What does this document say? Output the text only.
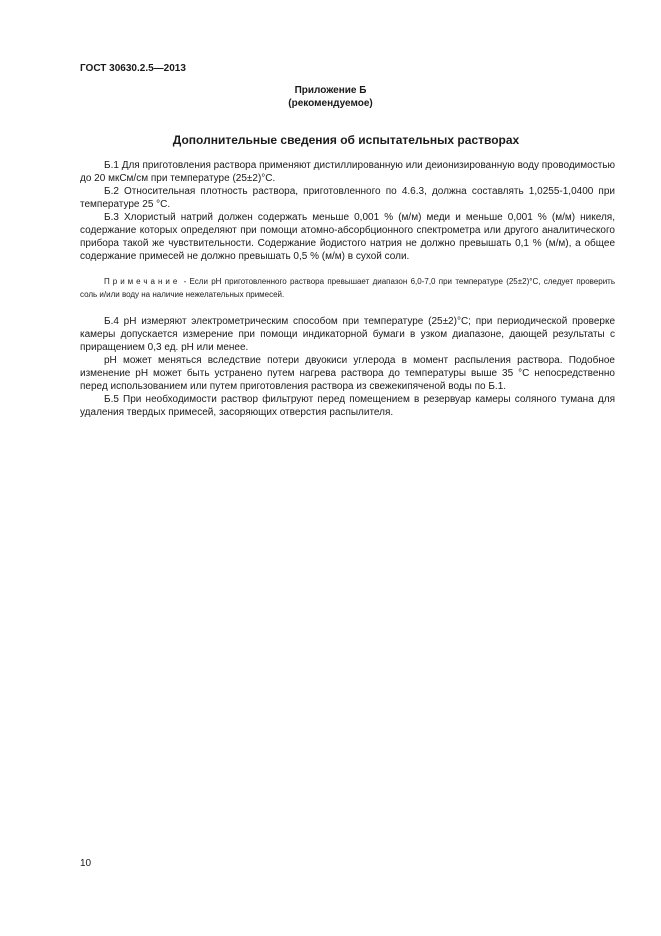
ГОСТ 30630.2.5—2013
Приложение Б
(рекомендуемое)
Дополнительные сведения об испытательных растворах

Б.1 Для приготовления раствора применяют дистиллированную или деионизированную воду проводимостью до 20 мкСм/см при температуре (25±2)°С.

Б.2 Относительная плотность раствора, приготовленного по 4.6.3, должна составлять 1,0255-1,0400 при температуре 25 °С.

Б.3 Хлористый натрий должен содержать меньше 0,001 % (м/м) меди и меньше 0,001 % (м/м) никеля, содержание которых определяют при помощи атомно-абсорбционного спектрометра или другого аналитического прибора такой же чувствительности. Содержание йодистого натрия не должно превышать 0,1 % (м/м), а общее содержание примесей не должно превышать 0,5 % (м/м) в сухой соли.

Примечание - Если рН приготовленного раствора превышает диапазон 6,0-7,0 при температуре (25±2)°С, следует проверить соль и/или воду на наличие нежелательных примесей.

Б.4 рН измеряют электрометрическим способом при температуре (25±2)°С; при периодической проверке камеры допускается измерение при помощи индикаторной бумаги в узком диапазоне, дающей результаты с приращением 0,3 ед. рН или менее.

рН может меняться вследствие потери двуокиси углерода в момент распыления раствора. Подобное изменение рН может быть устранено путем нагрева раствора до температуры выше 35 °С непосредственно перед использованием или путем приготовления раствора из свежекипяченой воды по Б.1.

Б.5 При необходимости раствор фильтруют перед помещением в резервуар камеры соляного тумана для удаления твердых примесей, засоряющих отверстия распылителя.

10
